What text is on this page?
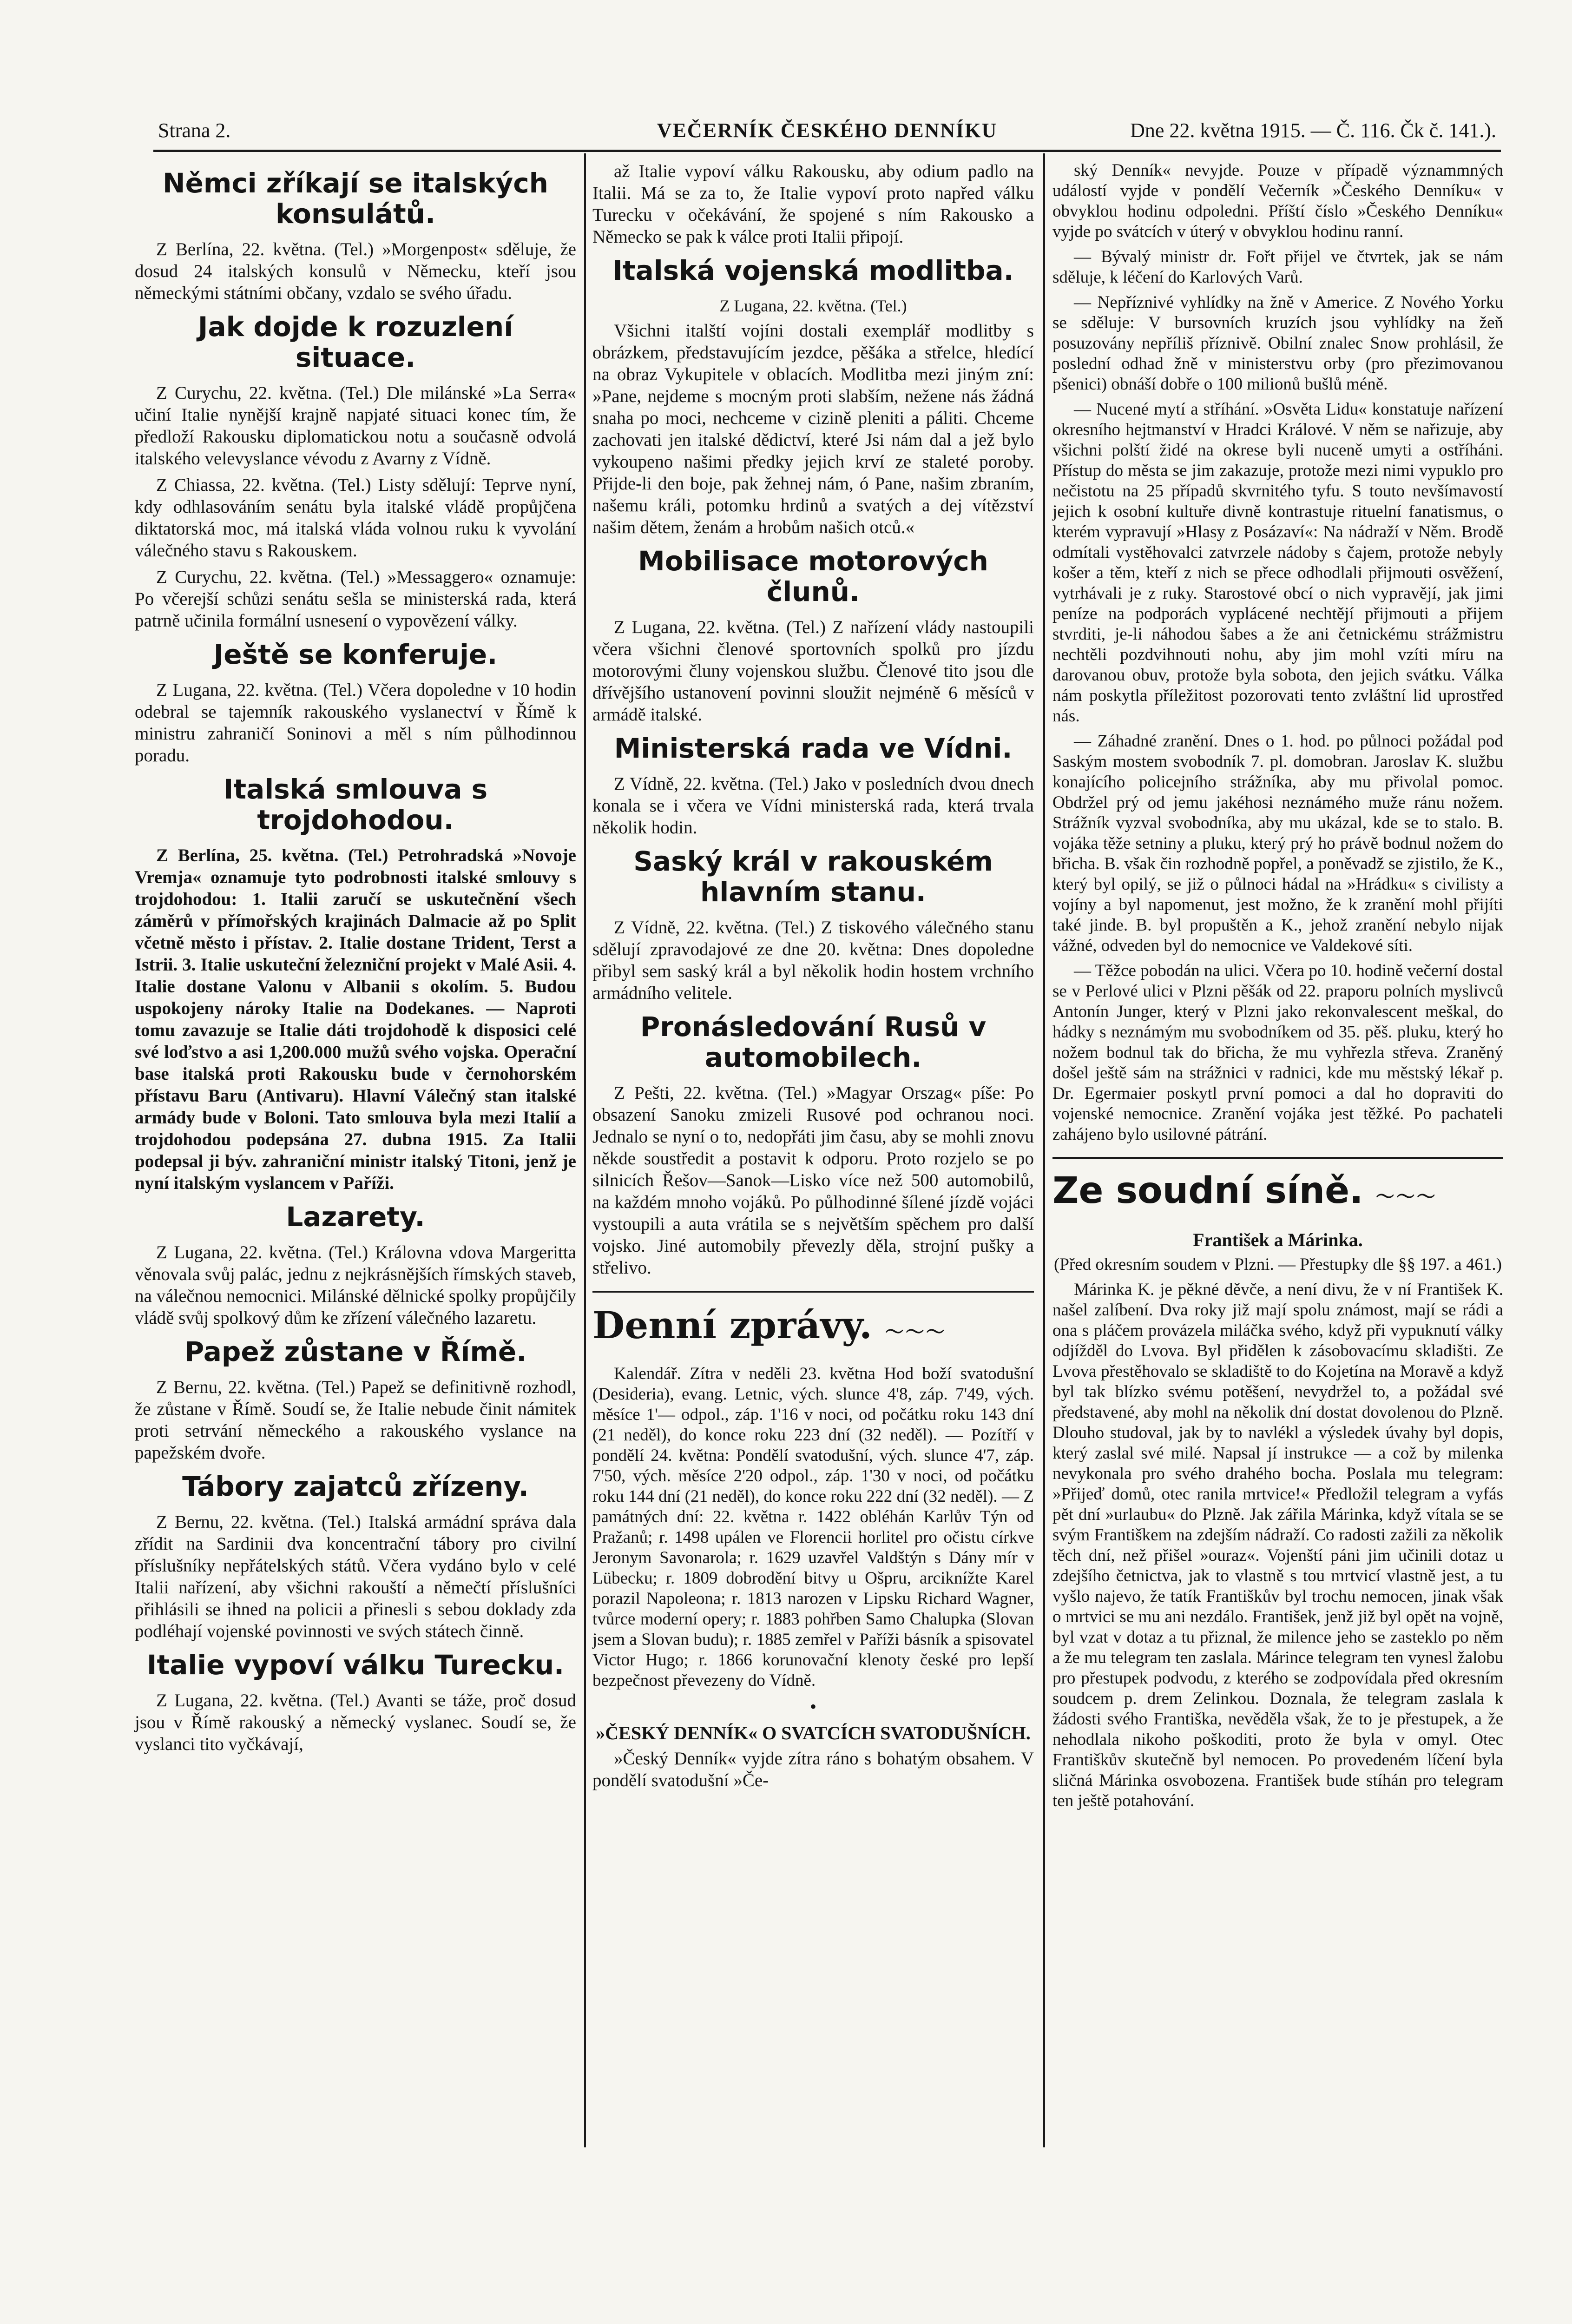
Strana 2.	VEČERNÍK ČESKÉHO DENNÍKU	Dne 22. května 1915. — Č. 116. Čk č. 141.).
Němci zříkají se italských konsulátů.

Z Berlína, 22. května. (Tel.) »Morgenpost« sděluje, že dosud 24 italských konsulů v Německu, kteří jsou německými státními občany, vzdalo se svého úřadu.

Jak dojde k rozuzlení situace.

Z Curychu, 22. května. (Tel.) Dle milánské »La Serra« učiní Italie nynější krajně napjaté situaci konec tím, že předloží Rakousku diplomatickou notu a současně odvolá italského velevyslance vévodu z Avarny z Vídně.

Z Chiassa, 22. května. (Tel.) Listy sdělují: Teprve nyní, kdy odhlasováním senátu byla italské vládě propůjčena diktatorská moc, má italská vláda volnou ruku k vyvolání válečného stavu s Rakouskem.

Z Curychu, 22. května. (Tel.) »Messaggero« oznamuje: Po včerejší schůzi senátu sešla se ministerská rada, která patrně učinila formální usnesení o vypovězení války.

Ještě se konferuje.

Z Lugana, 22. května. (Tel.) Včera dopoledne v 10 hodin odebral se tajemník rakouského vyslanectví v Římě k ministru zahraničí Soninovi a měl s ním půlhodinnou poradu.

Italská smlouva s trojdohodou.

Z Berlína, 25. května. (Tel.) Petrohradská »Novoje Vremja« oznamuje tyto podrobnosti italské smlouvy s trojdohodou: 1. Italii zaručí se uskutečnění všech záměrů v přímořských krajinách Dalmacie až po Split včetně město i přístav. 2. Italie dostane Trident, Terst a Istrii. 3. Italie uskuteční železniční projekt v Malé Asii. 4. Italie dostane Valonu v Albanii s okolím. 5. Budou uspokojeny nároky Italie na Dodekanes. — Naproti tomu zavazuje se Italie dáti trojdohodě k disposici celé své loďstvo a asi 1,200.000 mužů svého vojska. Operační base italská proti Rakousku bude v černohorském přístavu Baru (Antivaru). Hlavní Válečný stan italské armády bude v Boloni. Tato smlouva byla mezi Italií a trojdohodou podepsána 27. dubna 1915. Za Italii podepsal ji býv. zahraniční ministr italský Titoni, jenž je nyní italským vyslancem v Paříži.

Lazarety.

Z Lugana, 22. května. (Tel.) Královna vdova Margeritta věnovala svůj palác, jednu z nejkrásnějších římských staveb, na válečnou nemocnici. Milánské dělnické spolky propůjčily vládě svůj spolkový dům ke zřízení válečného lazaretu.

Papež zůstane v Římě.

Z Bernu, 22. května. (Tel.) Papež se definitivně rozhodl, že zůstane v Římě. Soudí se, že Italie nebude činit námitek proti setrvání německého a rakouského vyslance na papežském dvoře.

Tábory zajatců zřízeny.

Z Bernu, 22. května. (Tel.) Italská armádní správa dala zřídit na Sardinii dva koncentrační tábory pro civilní příslušníky nepřátelských států. Včera vydáno bylo v celé Italii nařízení, aby všichni rakouští a němečtí příslušníci přihlásili se ihned na policii a přinesli s sebou doklady zda podléhají vojenské povinnosti ve svých státech činně.

Italie vypoví válku Turecku.

Z Lugana, 22. května. (Tel.) Avanti se táže, proč dosud jsou v Římě rakouský a německý vyslanec. Soudí se, že vyslanci tito vyčkávají,

až Italie vypoví válku Rakousku, aby odium padlo na Italii. Má se za to, že Italie vypoví proto napřed válku Turecku v očekávání, že spojené s ním Rakousko a Německo se pak k válce proti Italii připojí.

Italská vojenská modlitba.
Z Lugana, 22. května. (Tel.)

Všichni italští vojíni dostali exemplář modlitby s obrázkem, představujícím jezdce, pěšáka a střelce, hledící na obraz Vykupitele v oblacích. Modlitba mezi jiným zní: »Pane, nejdeme s mocným proti slabším, nežene nás žádná snaha po moci, nechceme v cizině pleniti a páliti. Chceme zachovati jen italské dědictví, které Jsi nám dal a jež bylo vykoupeno našimi předky jejich krví ze staleté poroby. Přijde-li den boje, pak žehnej nám, ó Pane, našim zbraním, našemu králi, potomku hrdinů a svatých a dej vítězství našim dětem, ženám a hrobům našich otců.«

Mobilisace motorových člunů.

Z Lugana, 22. května. (Tel.) Z nařízení vlády nastoupili včera všichni členové sportovních spolků pro jízdu motorovými čluny vojenskou službu. Členové tito jsou dle dřívějšího ustanovení povinni sloužit nejméně 6 měsíců v armádě italské.

Ministerská rada ve Vídni.

Z Vídně, 22. května. (Tel.) Jako v posledních dvou dnech konala se i včera ve Vídni ministerská rada, která trvala několik hodin.

Saský král v rakouském hlavním stanu.

Z Vídně, 22. května. (Tel.) Z tiskového válečného stanu sdělují zpravodajové ze dne 20. května: Dnes dopoledne přibyl sem saský král a byl několik hodin hostem vrchního armádního velitele.

Pronásledování Rusů v automobilech.

Z Pešti, 22. května. (Tel.) »Magyar Orszag« píše: Po obsazení Sanoku zmizeli Rusové pod ochranou noci. Jednalo se nyní o to, nedopřáti jim času, aby se mohli znovu někde soustředit a postavit k odporu. Proto rozjelo se po silnicích Řešov—Sanok—Lisko více než 500 automobilů, na každém mnoho vojáků. Po půlhodinné šílené jízdě vojáci vystoupili a auta vrátila se s největším spěchem pro další vojsko. Jiné automobily převezly děla, strojní pušky a střelivo.

Denní zprávy. 〜〜〜

Kalendář. Zítra v neděli 23. května Hod boží svatodušní (Desideria), evang. Letnic, vých. slunce 4'8, záp. 7'49, vých. měsíce 1'— odpol., záp. 1'16 v noci, od počátku roku 143 dní (21 neděl), do konce roku 223 dní (32 neděl). — Pozítří v pondělí 24. května: Pondělí svatodušní, vých. slunce 4'7, záp. 7'50, vých. měsíce 2'20 odpol., záp. 1'30 v noci, od počátku roku 144 dní (21 neděl), do konce roku 222 dní (32 neděl). — Z památných dní: 22. května r. 1422 obléhán Karlův Týn od Pražanů; r. 1498 upálen ve Florencii horlitel pro očistu církve Jeronym Savonarola; r. 1629 uzavřel Valdštýn s Dány mír v Lübecku; r. 1809 dobrodění bitvy u Ošpru, arciknížte Karel porazil Napoleona; r. 1813 narozen v Lipsku Richard Wagner, tvůrce moderní opery; r. 1883 pohřben Samo Chalupka (Slovan jsem a Slovan budu); r. 1885 zemřel v Paříži básník a spisovatel Victor Hugo; r. 1866 korunovační klenoty české pro lepší bezpečnost převezeny do Vídně.

•
»ČESKÝ DENNÍK« O SVATCÍCH SVATODUŠNÍCH.

»Český Denník« vyjde zítra ráno s bohatým obsahem. V pondělí svatodušní »Če-

ský Denník« nevyjde. Pouze v případě význammných událostí vyjde v pondělí Večerník »Českého Denníku« v obvyklou hodinu odpoledni. Příští číslo »Českého Denníku« vyjde po svátcích v úterý v obvyklou hodinu ranní.

— Bývalý ministr dr. Fořt přijel ve čtvrtek, jak se nám sděluje, k léčení do Karlových Varů.

— Nepříznivé vyhlídky na žně v Americe. Z Nového Yorku se sděluje: V bursovních kruzích jsou vyhlídky na žeň posuzovány nepříliš příznivě. Obilní znalec Snow prohlásil, že poslední odhad žně v ministerstvu orby (pro přezimovanou pšenici) obnáší dobře o 100 milionů bušlů méně.

— Nucené mytí a stříhání. »Osvěta Lidu« konstatuje nařízení okresního hejtmanství v Hradci Králové. V něm se nařizuje, aby všichni polští židé na okrese byli nuceně umyti a ostříháni. Přístup do města se jim zakazuje, protože mezi nimi vypuklo pro nečistotu na 25 případů skvrnitého tyfu. S touto nevšímavostí jejich k osobní kultuře divně kontrastuje rituelní fanatismus, o kterém vypravují »Hlasy z Posázaví«: Na nádraží v Něm. Brodě odmítali vystěhovalci zatvrzele nádoby s čajem, protože nebyly košer a těm, kteří z nich se přece odhodlali přijmouti osvěžení, vytrhávali je z ruky. Starostové obcí o nich vypravějí, jak jimi peníze na podporách vyplácené nechtějí přijmouti a přijem stvrditi, je-li náhodou šabes a že ani četnickému strážmistru nechtěli pozdvihnouti nohu, aby jim mohl vzíti míru na darovanou obuv, protože byla sobota, den jejich svátku. Válka nám poskytla příležitost pozorovati tento zvláštní lid uprostřed nás.

— Záhadné zranění. Dnes o 1. hod. po půlnoci požádal pod Saským mostem svobodník 7. pl. domobran. Jaroslav K. službu konajícího policejního strážníka, aby mu přivolal pomoc. Obdržel prý od jemu jakéhosi neznámého muže ránu nožem. Strážník vyzval svobodníka, aby mu ukázal, kde se to stalo. B. vojáka těže setniny a pluku, který prý ho právě bodnul nožem do břicha. B. však čin rozhodně popřel, a poněvadž se zjistilo, že K., který byl opilý, se již o půlnoci hádal na »Hrádku« s civilisty a vojíny a byl napomenut, jest možno, že k zranění mohl přijíti také jinde. B. byl propuštěn a K., jehož zranění nebylo nijak vážné, odveden byl do nemocnice ve Valdekové síti.

— Těžce pobodán na ulici. Včera po 10. hodině večerní dostal se v Perlové ulici v Plzni pěšák od 22. praporu polních myslivců Antonín Junger, který v Plzni jako rekonvalescent meškal, do hádky s neznámým mu svobodníkem od 35. pěš. pluku, který ho nožem bodnul tak do břicha, že mu vyhřezla střeva. Zraněný došel ještě sám na strážnici v radnici, kde mu městský lékař p. Dr. Egermaier poskytl první pomoci a dal ho dopraviti do vojenské nemocnice. Zranění vojáka jest těžké. Po pachateli zahájeno bylo usilovné pátrání.

Ze soudní síně. 〜〜〜
František a Márinka.

(Před okresním soudem v Plzni. — Přestupky dle §§ 197. a 461.)

Márinka K. je pěkné děvče, a není divu, že v ní František K. našel zalíbení. Dva roky již mají spolu známost, mají se rádi a ona s pláčem provázela miláčka svého, když při vypuknutí války odjížděl do Lvova. Byl přidělen k zásobovacímu skladišti. Ze Lvova přestěhovalo se skladiště to do Kojetína na Moravě a když byl tak blízko svému potěšení, nevydržel to, a požádal své představené, aby mohl na několik dní dostat dovolenou do Plzně. Dlouho studoval, jak by to navlékl a výsledek úvahy byl dopis, který zaslal své milé. Napsal jí instrukce — a což by milenka nevykonala pro svého drahého bocha. Poslala mu telegram: »Přijeď domů, otec ranila mrtvice!« Předložil telegram a vyfás pět dní »urlaubu« do Plzně. Jak zářila Márinka, když vítala se se svým Františkem na zdejším nádraží. Co radosti zažili za několik těch dní, než přišel »ouraz«. Vojenští páni jim učinili dotaz u zdejšího četnictva, jak to vlastně s tou mrtvicí vlastně jest, a tu vyšlo najevo, že tatík Františkův byl trochu nemocen, jinak však o mrtvici se mu ani nezdálo. František, jenž již byl opět na vojně, byl vzat v dotaz a tu přiznal, že milence jeho se zasteklo po něm a že mu telegram ten zaslala. Márince telegram ten vynesl žalobu pro přestupek podvodu, z kterého se zodpovídala před okresním soudcem p. drem Zelinkou. Doznala, že telegram zaslala k žádosti svého Františka, nevěděla však, že to je přestupek, a že nehodlala nikoho poškoditi, proto že byla v omyl. Otec Františkův skutečně byl nemocen. Po provedeném líčení byla sličná Márinka osvobozena. František bude stíhán pro telegram ten ještě potahování.
